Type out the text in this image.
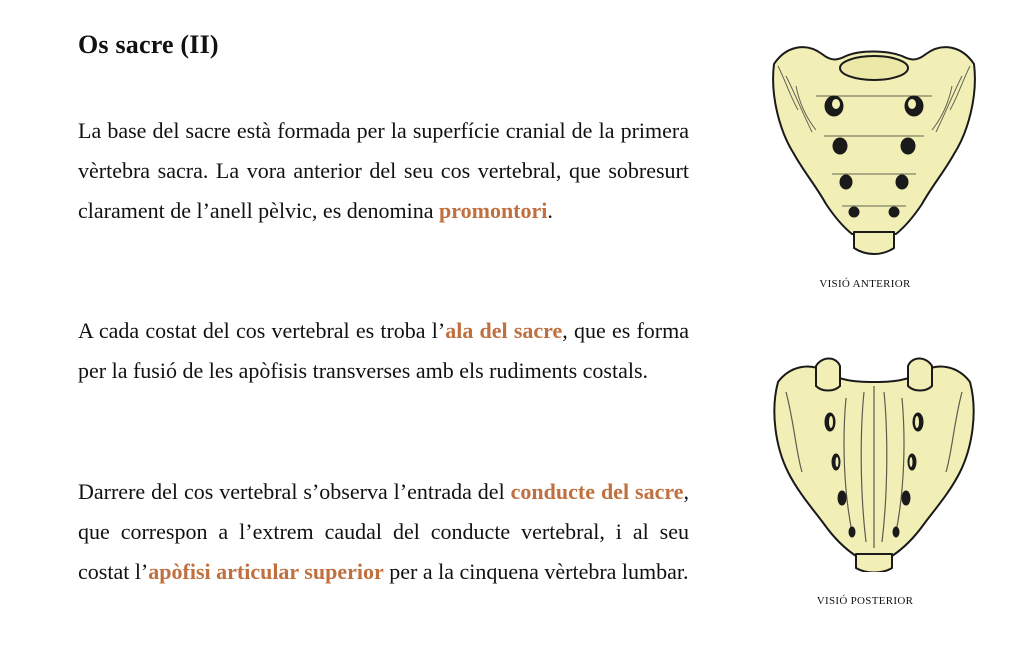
Os sacre (II)

La base del sacre està formada per la superfície cranial de la primera vèrtebra sacra. La vora anterior del seu cos vertebral, que sobresurt clarament de l’anell pèlvic, es denomina promontori.

A cada costat del cos vertebral es troba l’ala del sacre, que es forma per la fusió de les apòfisis transverses amb els rudiments costals.

Darrere del cos vertebral s’observa l’entrada del conducte del sacre, que correspon a l’extrem caudal del conducte vertebral, i al seu costat l’apòfisi articular superior per a la cinquena vèrtebra lumbar.

VISIÓ ANTERIOR
VISIÓ POSTERIOR
